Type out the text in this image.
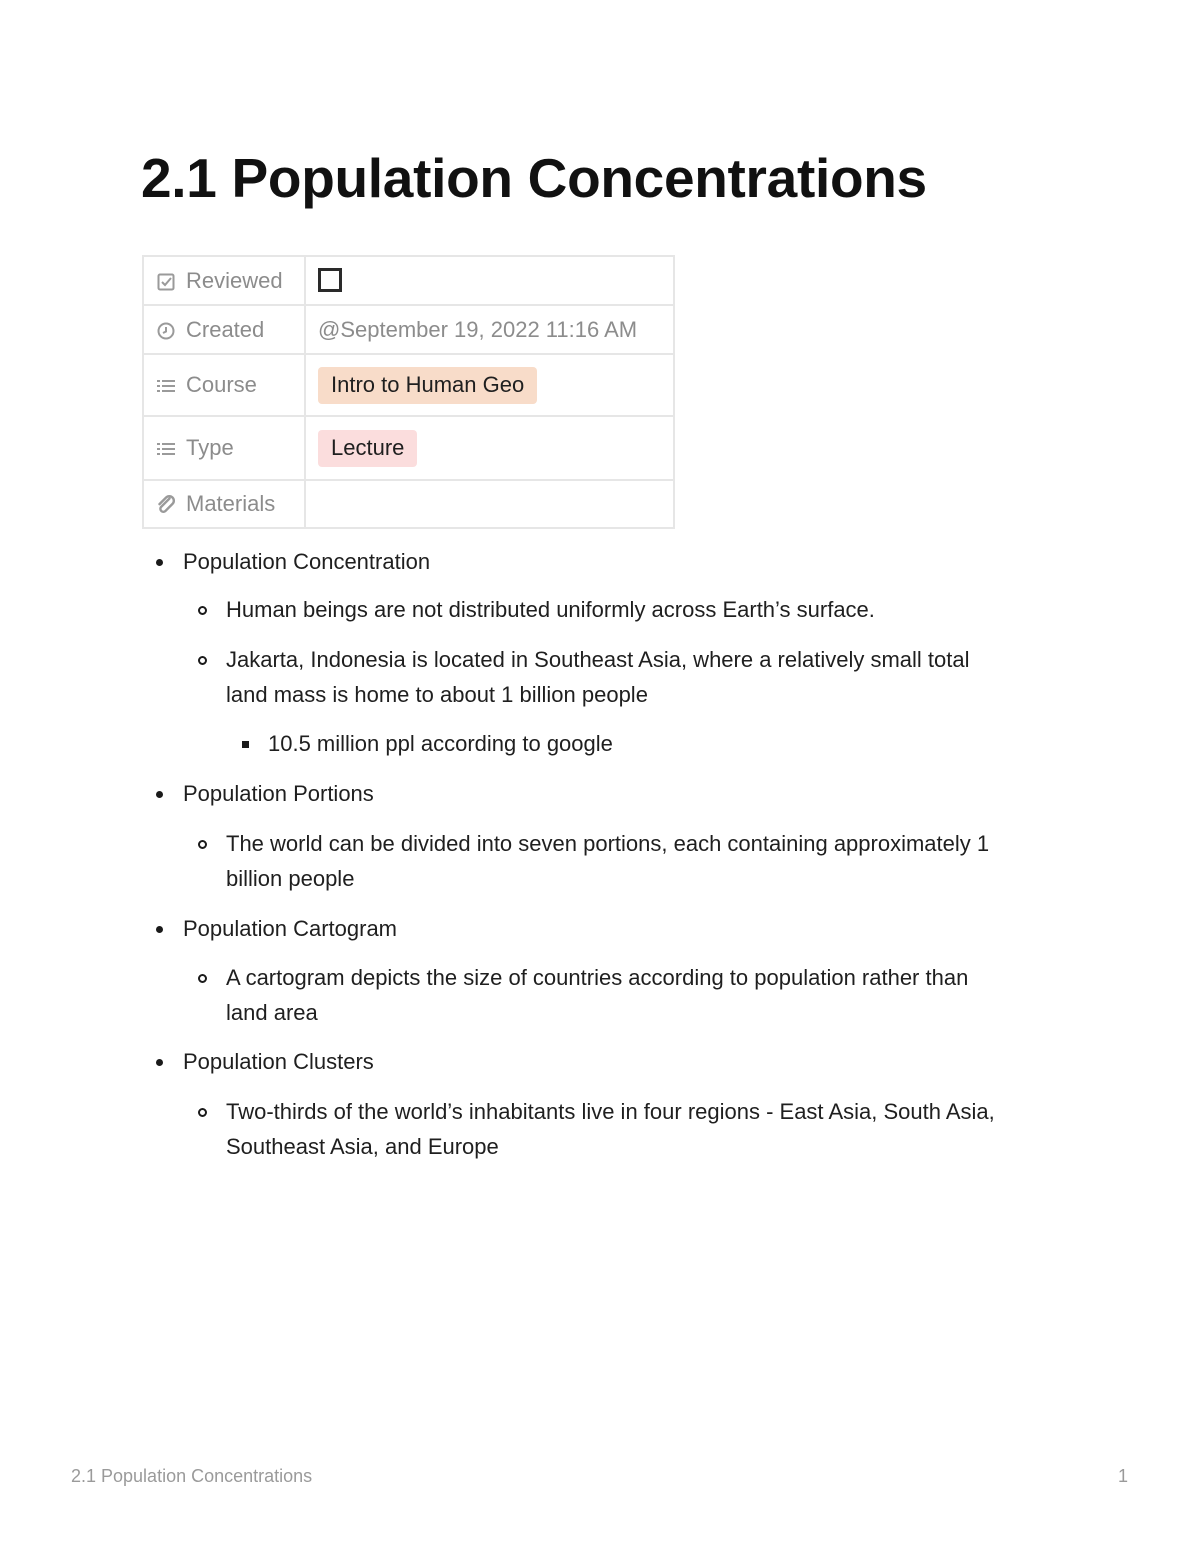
2.1 Population Concentrations
Reviewed	

Created	@September 19, 2022 11:16 AM

Course	Intro to Human Geo

Type	Lecture

Materials	
Population Concentration
Human beings are not distributed uniformly across Earth’s surface.
Jakarta, Indonesia is located in Southeast Asia, where a relatively small total
land mass is home to about 1 billion people
10.5 million ppl according to google
Population Portions
The world can be divided into seven portions, each containing approximately 1
billion people
Population Cartogram
A cartogram depicts the size of countries according to population rather than
land area
Population Clusters
Two-thirds of the world’s inhabitants live in four regions - East Asia, South Asia,
Southeast Asia, and Europe
2.1 Population Concentrations	1
